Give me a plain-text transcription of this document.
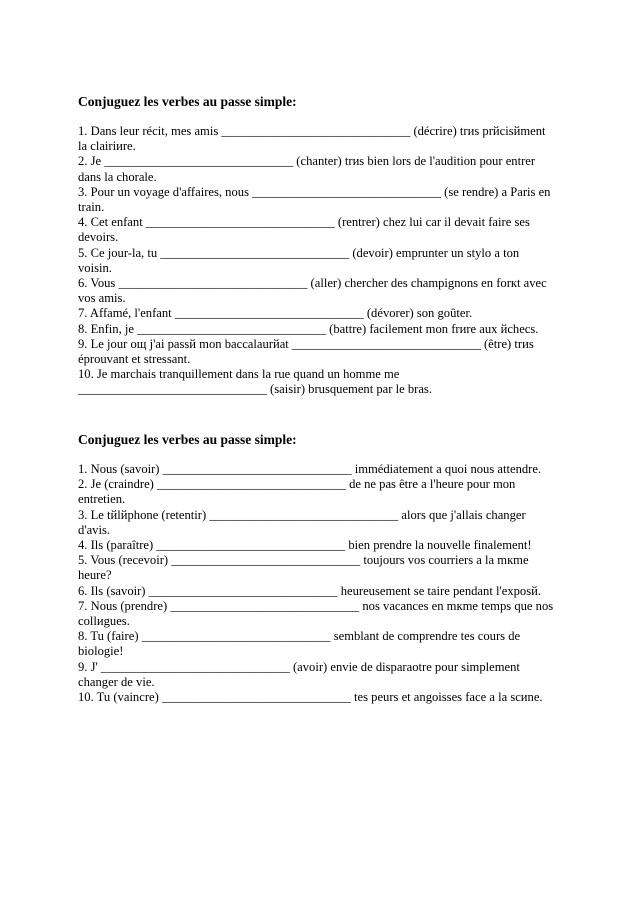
Conjuguez les verbes au passe simple:

1. Dans leur récit, mes amis ______________________________ (décrire) trиs prйcisйment
la clairiиre.

2. Je ______________________________ (chanter) trиs bien lors de l'audition pour entrer
dans la chorale.

3. Pour un voyage d'affaires, nous ______________________________ (se rendre) a Paris en
train.

4. Cet enfant ______________________________ (rentrer) chez lui car il devait faire ses
devoirs.

5. Ce jour-la, tu ______________________________ (devoir) emprunter un stylo a ton
voisin.

6. Vous ______________________________ (aller) chercher des champignons en forкt avec
vos amis.

7. Affamé, l'enfant ______________________________ (dévorer) son goûter.

8. Enfin, je ______________________________ (battre) facilement mon frиre aux йchecs.

9. Le jour oщ j'ai passй mon baccalaurйat ______________________________ (être) trиs
éprouvant et stressant.

10. Je marchais tranquillement dans la rue quand un homme me
______________________________ (saisir) brusquement par le bras.

Conjuguez les verbes au passe simple:

1. Nous (savoir) ______________________________ immédiatement a quoi nous attendre.

2. Je (craindre) ______________________________ de ne pas être a l'heure pour mon
entretien.

3. Le tйlйphone (retentir) ______________________________ alors que j'allais changer
d'avis.

4. Ils (paraître) ______________________________ bien prendre la nouvelle finalement!

5. Vous (recevoir) ______________________________ toujours vos courriers a la mкme
heure?

6. Ils (savoir) ______________________________ heureusement se taire pendant l'exposй.

7. Nous (prendre) ______________________________ nos vacances en mкme temps que nos
collиgues.

8. Tu (faire) ______________________________ semblant de comprendre tes cours de
biologie!

9. J' ______________________________ (avoir) envie de disparaotre pour simplement
changer de vie.

10. Tu (vaincre) ______________________________ tes peurs et angoisses face a la scиne.
